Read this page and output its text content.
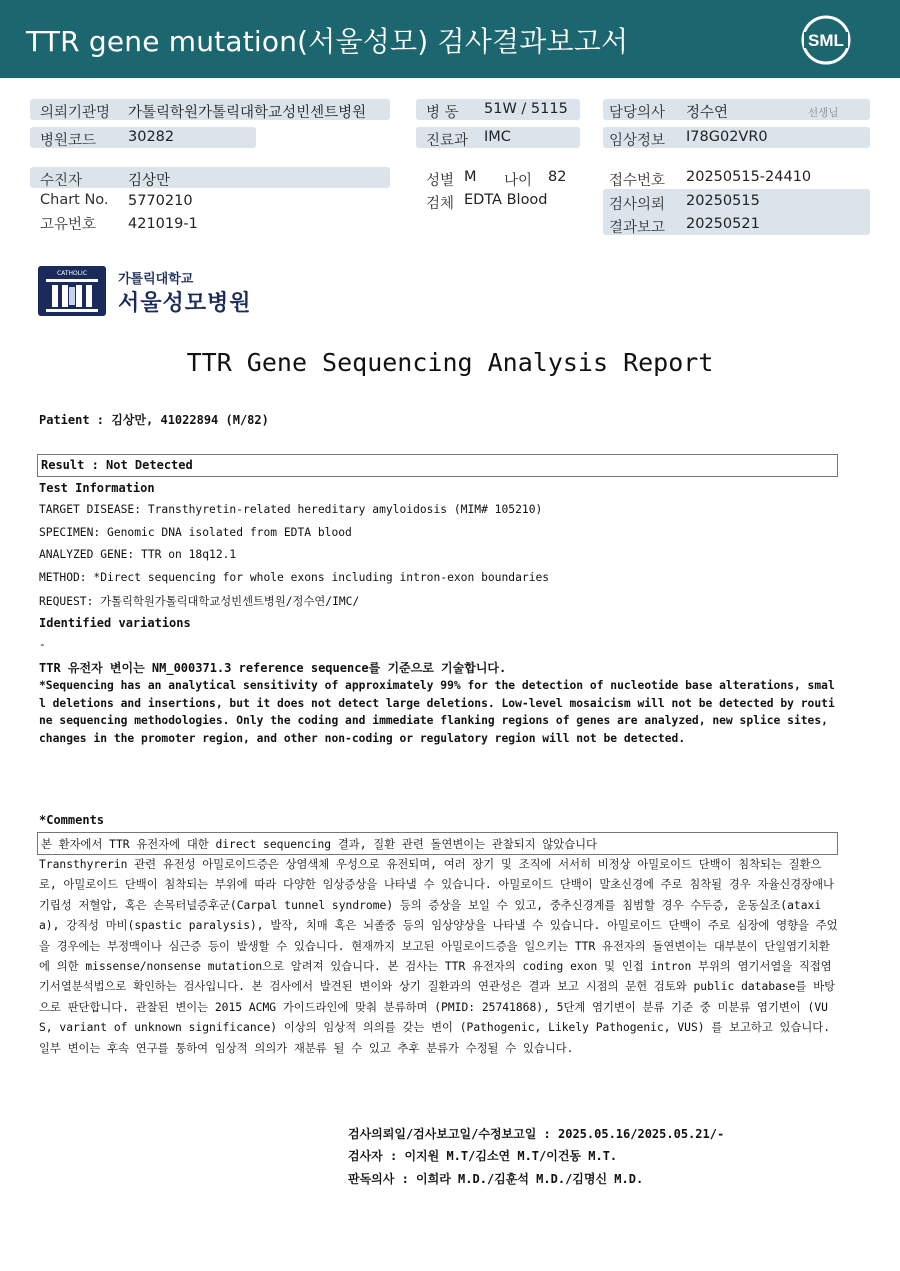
TTR gene mutation(서울성모) 검사결과보고서	SML
의뢰기관명 가톨릭학원가톨릭대학교성빈센트병원
병원코드 30282
병 동 51W / 5115
진료과 IMC
담당의사 정수연	선생님
임상정보 I78G02VR0
수진자	김상만
Chart No. 5770210
고유번호 421019-1
성별 M 나이 82
검체 EDTA Blood
접수번호 20250515-24410
검사의뢰 20250515
결과보고 20250521
CATHOLIC 가톨릭대학교
서울성모병원
TTR Gene Sequencing Analysis Report
Patient : 김상만, 41022894 (M/82)
Result : Not Detected
Test Information
TARGET DISEASE: Transthyretin-related hereditary amyloidosis (MIM# 105210)
SPECIMEN: Genomic DNA isolated from EDTA blood
ANALYZED GENE: TTR on 18q12.1
METHOD: *Direct sequencing for whole exons including intron-exon boundaries
REQUEST: 가톨릭학원가톨릭대학교성빈센트병원/정수연/IMC/
Identified variations
-
TTR 유전자 변이는 NM_000371.3 reference sequence를 기준으로 기술합니다.
*Sequencing has an analytical sensitivity of approximately 99% for the detection of nucleotide base alterations, small deletions and insertions, but it does not detect large deletions. Low-level mosaicism will not be detected by routine sequencing methodologies. Only the coding and immediate flanking regions of genes are analyzed, new splice sites, changes in the promoter region, and other non-coding or regulatory region will not be detected.
*Comments
본 환자에서 TTR 유전자에 대한 direct sequencing 결과, 질환 관련 돌연변이는 관찰되지 않았습니다
Transthyrerin 관련 유전성 아밀로이드증은 상염색체 우성으로 유전되며, 여러 장기 및 조직에 서서히 비정상 아밀로이드 단백이 침착되는 질환으로, 아밀로이드 단백이 침착되는 부위에 따라 다양한 임상증상을 나타낼 수 있습니다. 아밀로이드 단백이 말초신경에 주로 침착될 경우 자율신경장애나 기립성 저혈압, 혹은 손목터널증후군(Carpal tunnel syndrome) 등의 증상을 보일 수 있고, 중추신경계를 침범할 경우 수두증, 운동실조(ataxia), 강직성 마비(spastic paralysis), 발작, 치매 혹은 뇌졸중 등의 임상양상을 나타낼 수 있습니다. 아밀로이드 단백이 주로 심장에 영향을 주었을 경우에는 부정맥이나 심근증 등이 발생할 수 있습니다. 현재까지 보고된 아밀로이드증을 일으키는 TTR 유전자의 돌연변이는 대부분이 단일염기치환에 의한 missense/nonsense mutation으로 알려져 있습니다. 본 검사는 TTR 유전자의 coding exon 및 인접 intron 부위의 염기서열을 직접염기서열분석법으로 확인하는 검사입니다. 본 검사에서 발견된 변이와 상기 질환과의 연관성은 결과 보고 시점의 문헌 검토와 public database를 바탕으로 판단합니다. 관찰된 변이는 2015 ACMG 가이드라인에 맞춰 분류하며 (PMID: 25741868), 5단계 염기변이 분류 기준 중 미분류 염기변이 (VUS, variant of unknown significance) 이상의 임상적 의의를 갖는 변이 (Pathogenic, Likely Pathogenic, VUS) 를 보고하고 있습니다. 일부 변이는 후속 연구를 통하여 임상적 의의가 재분류 될 수 있고 추후 분류가 수정될 수 있습니다.
검사의뢰일/검사보고일/수정보고일 : 2025.05.16/2025.05.21/-
검사자 : 이지원 M.T/김소연 M.T/이건동 M.T.
판독의사 : 이희라 M.D./김훈석 M.D./김명신 M.D.
